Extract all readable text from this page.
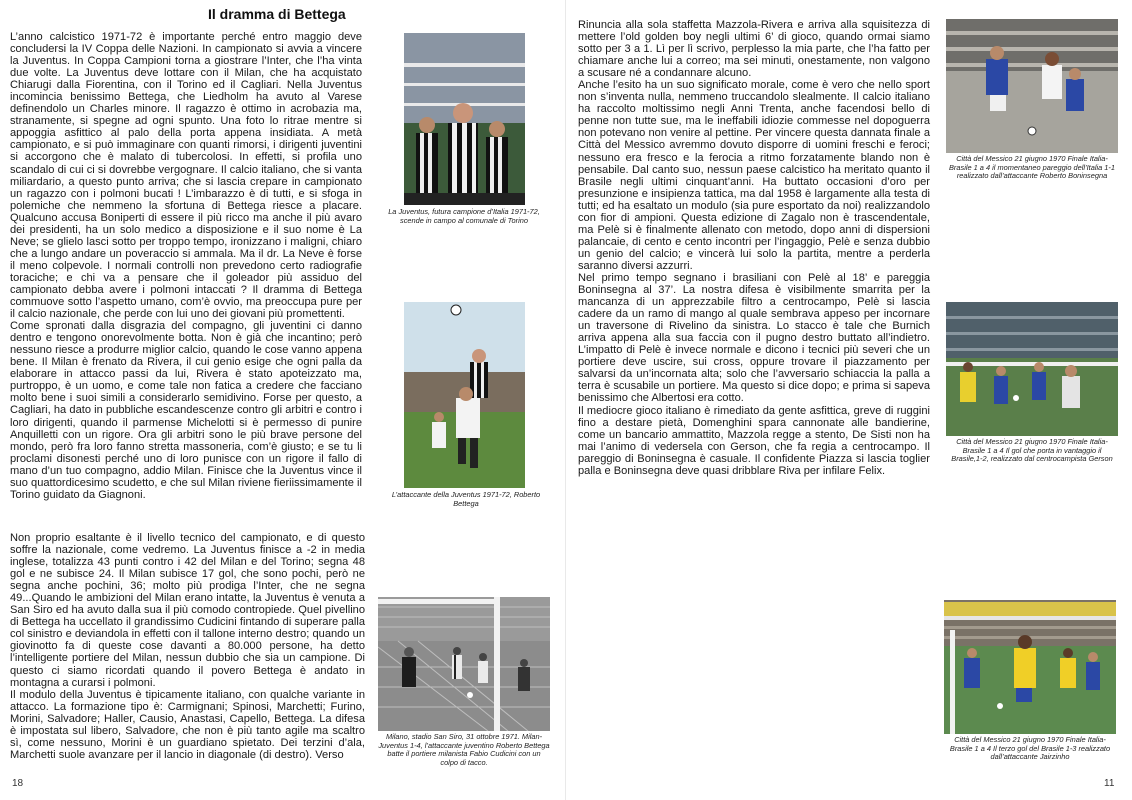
Il dramma di Bettega

L’anno calcistico 1971-72 è importante perché entro maggio deve concludersi la IV Coppa delle Nazioni. In campionato si avvia a vincere la Juventus. In Coppa Campioni torna a giostrare l’Inter, che l’ha vinta due volte. La Juventus deve lottare con il Milan, che ha acquistato Chiarugi dalla Fiorentina, con il Torino ed il Cagliari. Nella Juventus incomincia benissimo Bettega, che Liedholm ha avuto al Varese definendolo un Charles minore. Il ragazzo è ottimo in acrobazia ma, stranamente, si spegne ad ogni spunto. Una foto lo ritrae mentre si appoggia asfittico al palo della porta appena insidiata. A metà campionato, e si può immaginare con quanti rimorsi, i dirigenti juventini si accorgono che è malato di tubercolosi. In effetti, si profila uno scandalo di cui ci si dovrebbe vergognare. Il calcio italiano, che si vanta miliardario, a questo punto arriva; che si lascia crepare in campionato un ragazzo con i polmoni bucati ! L’imbarazzo è di tutti, e si sfoga in polemiche che nemmeno la sfortuna di Bettega riesce a placare. Qualcuno accusa Boniperti di essere il più ricco ma anche il più avaro dei presidenti, ha un solo medico a disposizione e il suo nome è La Neve; se glielo lasci sotto per troppo tempo, ironizzano i maligni, chiaro che a lungo andare un poveraccio si ammala. Ma il dr. La Neve è forse il meno colpevole. I normali controlli non prevedono certo radiografie toraciche; e chi va a pensare che il goleador più assiduo del campionato debba avere i polmoni intaccati ? Il dramma di Bettega commuove sotto l’aspetto umano, com’è ovvio, ma preoccupa pure per il calcio nazionale, che perde con lui uno dei giovani più promettenti.

Come spronati dalla disgrazia del compagno, gli juventini ci danno dentro e tengono onorevolmente botta. Non è già che incantino; però nessuno riesce a produrre miglior calcio, quando le cose vanno appena bene. Il Milan è frenato da Rivera, il cui genio esige che ogni palla da elaborare in attacco passi da lui, Rivera è stato apoteizzato ma, purtroppo, è un uomo, e come tale non fatica a credere che facciano molto bene i suoi simili a considerarlo semidivino. Forse per questo, a Cagliari, ha dato in pubbliche escandescenze contro gli arbitri e contro i loro dirigenti, quando il parmense Michelotti si è permesso di punire Anquilletti con un rigore. Ora gli arbitri sono le più brave persone del mondo, però fra loro fanno stretta massoneria, com’è giusto; e se tu li proclami disonesti perché uno di loro punisce con un rigore il fallo di mano d’un tuo compagno, addio Milan. Finisce che la Juventus vince il suo quattordicesimo scudetto, e che sul Milan riviene fieriissimamente il Torino guidato da Giagnoni.

Non proprio esaltante è il livello tecnico del campionato, e di questo soffre la nazionale, come vedremo. La Juventus finisce a -2 in media inglese, totalizza 43 punti contro i 42 del Milan e del Torino; segna 48 gol e ne subisce 24. Il Milan subisce 17 gol, che sono pochi, però ne segna anche pochini, 36; molto più prodiga l’Inter, che ne segna 49...Quando le ambizioni del Milan erano intatte, la Juventus è venuta a San Siro ed ha avuto dalla sua il più comodo contropiede. Quel pivellino di Bettega ha uccellato il grandissimo Cudicini fintando di superare palla col sinistro e deviandola in effetti con il tallone interno destro; quando un giovinotto fa di queste cose davanti a 80.000 persone, ha detto l’intelligente portiere del Milan, nessun dubbio che sia un campione. Di questo ci siamo ricordati quando il povero Bettega è andato in montagna a curarsi i polmoni.

Il modulo della Juventus è tipicamente italiano, con qualche variante in attacco. La formazione tipo è: Carmignani; Spinosi, Marchetti; Furino, Morini, Salvadore; Haller, Causio, Anastasi, Capello, Bettega. La difesa è impostata sul libero, Salvadore, che non è più tanto agile ma scaltro sì, come nessuno, Morini è un guardiano spietato. Dei terzini d’ala, Marchetti suole avanzare per il lancio in diagonale (di destro). Verso

La Juventus, futura campione d’Italia 1971-72, scende in campo al comunale di Torino
L’attaccante della Juventus 1971-72, Roberto Bettega
Milano, stadio San Siro, 31 ottobre 1971. Milan-Juventus 1-4, l’attaccante juventino Roberto Bettega batte il portiere milanista Fabio Cudicini con un colpo di tacco.
18	11

Rinuncia alla sola staffetta Mazzola-Rivera e arriva alla squisitezza di mettere l’old golden boy negli ultimi 6’ di gioco, quando ormai siamo sotto per 3 a 1. Lì per lì scrivo, perplesso la mia parte, che l’ha fatto per chiamare anche lui a correo; ma sei minuti, onestamente, non valgono a scusare né a condannare alcuno.

Anche l’esito ha un suo significato morale, come è vero che nello sport non s’inventa nulla, nemmeno truccandolo slealmente. Il calcio italiano ha raccolto moltissimo negli Anni Trenta, anche facendosi bello di penne non tutte sue, ma le ineffabili idiozie commesse nel dopoguerra non potevano non venire al pettine. Per vincere questa dannata finale a Città del Messico avremmo dovuto disporre di uomini freschi e feroci; nessuno era fresco e la ferocia a ritmo forzatamente blando non è pensabile. Dal canto suo, nessun paese calcistico ha meritato quanto il Brasile negli ultimi cinquant’anni. Ha buttato occasioni d’oro per presunzione e insipienza tattica, ma dal 1958 è largamente alla testa di tutti; ed ha esaltato un modulo (sia pure esportato da noi) realizzandolo con fior di ampioni. Questa edizione di Zagalo non è trascendentale, ma Pelè si è finalmente allenato con metodo, dopo anni di dispersioni palancaie, di cento e cento incontri per l’ingaggio, Pelè e senza dubbio un genio del calcio; e vincerà lui solo la partita, mentre a perderla saranno diversi azzurri.

Nel primo tempo segnano i brasiliani con Pelè al 18’ e pareggia Boninsegna al 37’. La nostra difesa è visibilmente smarrita per la mancanza di un apprezzabile filtro a centrocampo, Pelè si lascia cadere da un ramo di mango al quale sembrava appeso per incornare un traversone di Rivelino da sinistra. Lo stacco è tale che Burnich arriva appena alla sua faccia con il pugno destro buttato all’indietro. L’impatto di Pelè è invece normale e dicono i tecnici più severi che un portiere deve uscire, sui cross, oppure trovare il piazzamento per salvarsi da un’incornata alta; solo che l’avversario schiaccia la palla a terra è scusabile un portiere. Ma questo si dice dopo; e prima si sapeva benissimo che Albertosi era cotto.

Il mediocre gioco italiano è rimediato da gente asfittica, greve di ruggini fino a destare pietà, Domenghini spara cannonate alle bandierine, come un bancario ammattito, Mazzola regge a stento, De Sisti non ha mai l’animo di vedersela con Gerson, che fa regia a centrocampo. Il pareggio di Boninsegna è casuale. Il confidente Piazza si lascia toglier palla e Boninsegna deve quasi dribblare Riva per infilare Felix.

Città del Messico 21 giugno 1970 Finale Italia-Brasile 1 a 4 il momentaneo pareggio dell’Italia 1-1 realizzato dall’attaccante Roberto Boninsegna
Città del Messico 21 giugno 1970 Finale Italia-Brasile 1 a 4 Il gol che porta in vantaggio il Brasile,1-2, realizzato dal centrocampista Gerson
Città del Messico 21 giugno 1970 Finale Italia-Brasile 1 a 4 Il terzo gol del Brasile 1-3 realizzato dall’attaccante Jairzinho
